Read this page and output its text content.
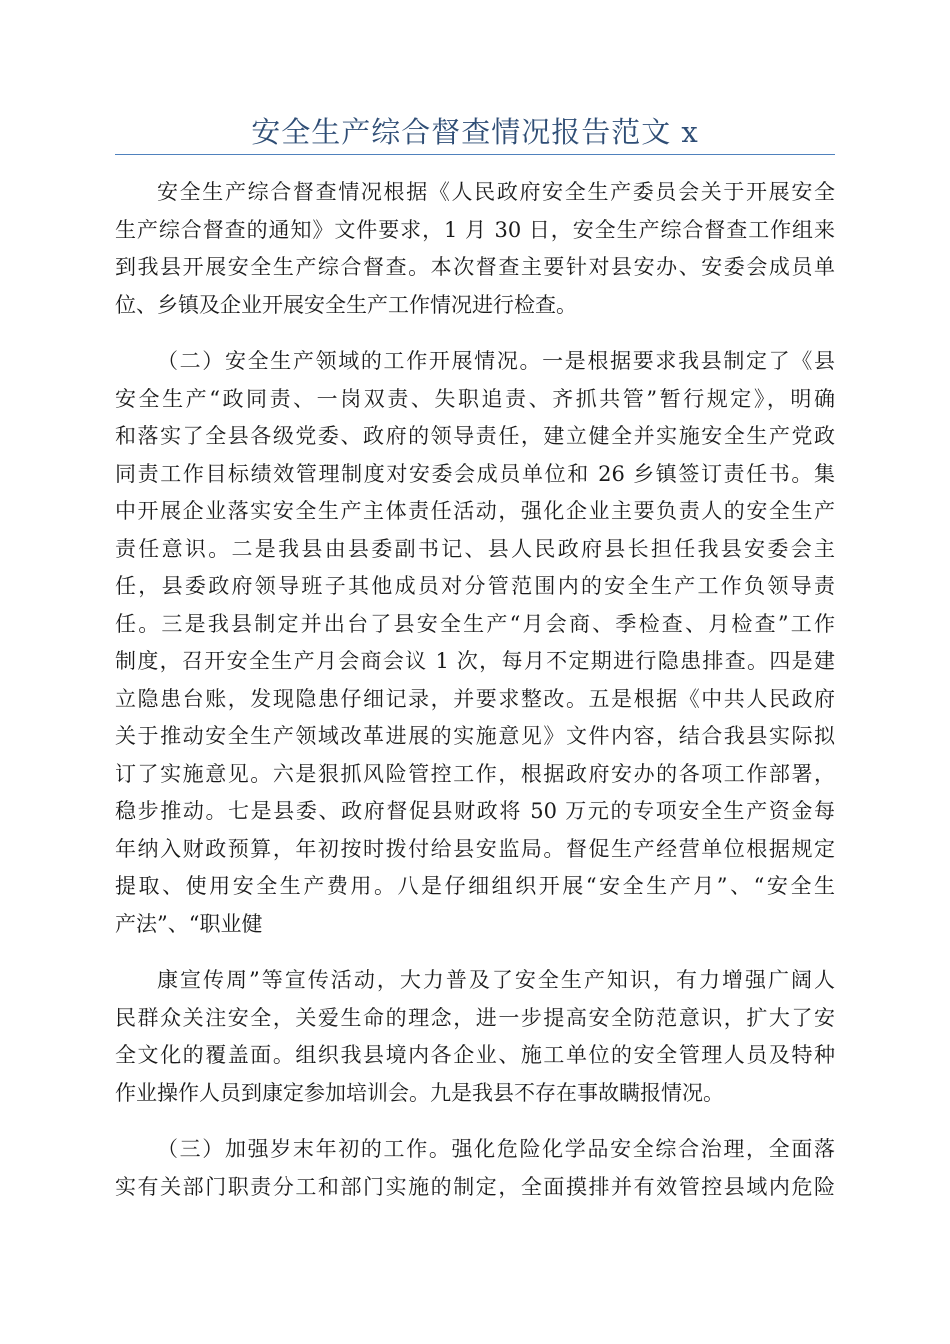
安全生产综合督查情况报告范文 x
安全生产综合督查情况根据《人民政府安全生产委员会关于开展安全
生产综合督查的通知》文件要求，1 月 30 日，安全生产综合督查工作组来
到我县开展安全生产综合督查。本次督查主要针对县安办、安委会成员单
位、乡镇及企业开展安全生产工作情况进行检查。
（二）安全生产领域的工作开展情况。一是根据要求我县制定了《县
安全生产“政同责、一岗双责、失职追责、齐抓共管”暂行规定》，明确
和落实了全县各级党委、政府的领导责任，建立健全并实施安全生产党政
同责工作目标绩效管理制度对安委会成员单位和 26 乡镇签订责任书。集
中开展企业落实安全生产主体责任活动，强化企业主要负责人的安全生产
责任意识。二是我县由县委副书记、县人民政府县长担任我县安委会主
任，县委政府领导班子其他成员对分管范围内的安全生产工作负领导责
任。三是我县制定并出台了县安全生产“月会商、季检查、月检查”工作
制度，召开安全生产月会商会议 1 次，每月不定期进行隐患排查。四是建
立隐患台账，发现隐患仔细记录，并要求整改。五是根据《中共人民政府
关于推动安全生产领域改革进展的实施意见》文件内容，结合我县实际拟
订了实施意见。六是狠抓风险管控工作，根据政府安办的各项工作部署，
稳步推动。七是县委、政府督促县财政将 50 万元的专项安全生产资金每
年纳入财政预算，年初按时拨付给县安监局。督促生产经营单位根据规定
提取、使用安全生产费用。八是仔细组织开展“安全生产月”、“安全生
产法”、“职业健
康宣传周”等宣传活动，大力普及了安全生产知识，有力增强广阔人
民群众关注安全，关爱生命的理念，进一步提高安全防范意识，扩大了安
全文化的覆盖面。组织我县境内各企业、施工单位的安全管理人员及特种
作业操作人员到康定参加培训会。九是我县不存在事故瞒报情况。
（三）加强岁末年初的工作。强化危险化学品安全综合治理，全面落
实有关部门职责分工和部门实施的制定，全面摸排并有效管控县域内危险
